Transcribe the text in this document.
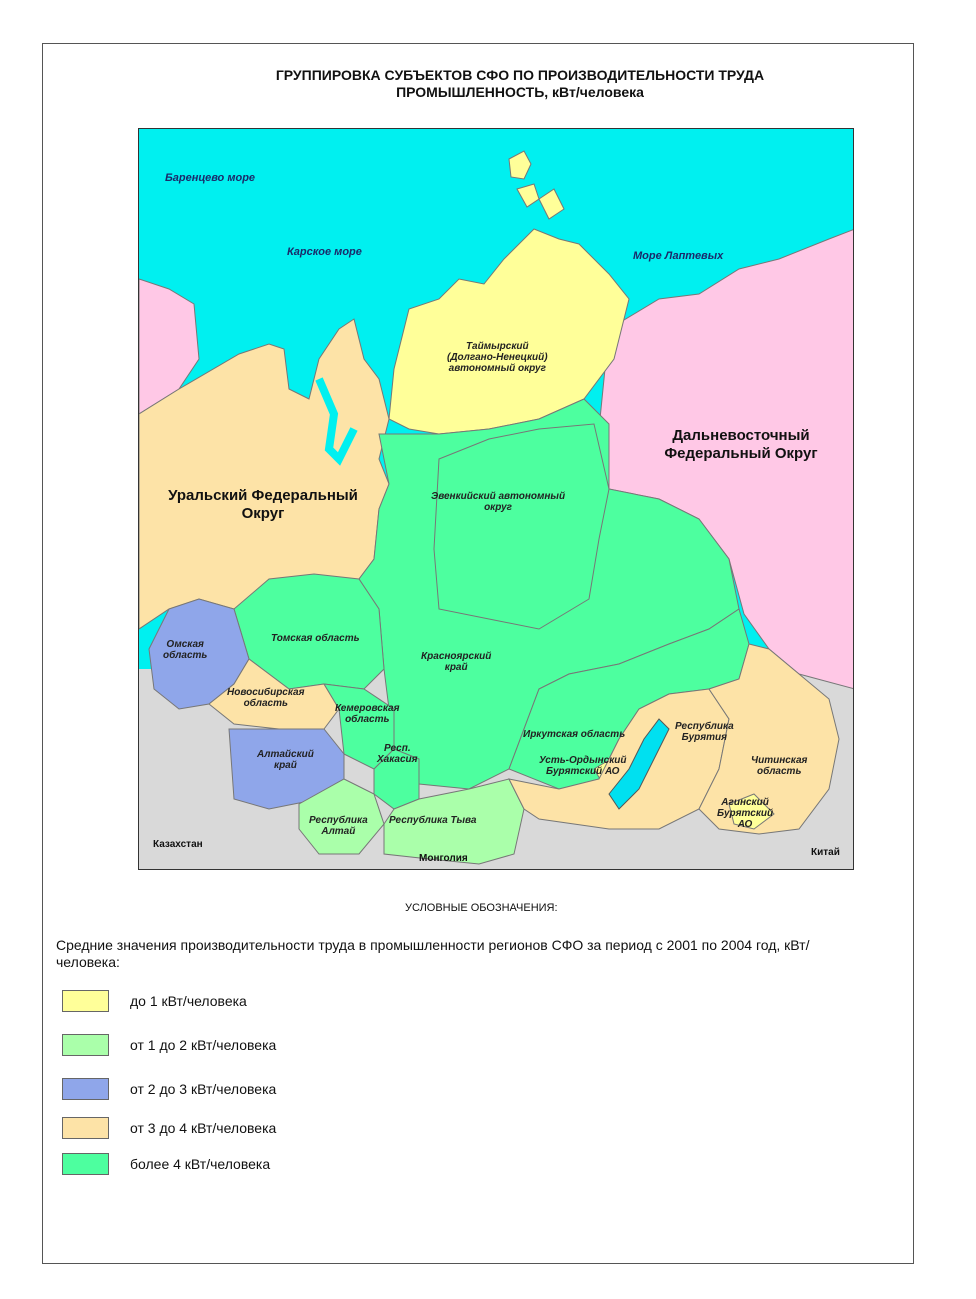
ГРУППИРОВКА СУБЪЕКТОВ СФО ПО ПРОИЗВОДИТЕЛЬНОСТИ ТРУДА
ПРОМЫШЛЕННОСТЬ, кВт/человека
Баренцево море
Карское море	Море Лаптевых
Уральский Федеральный Округ
Дальневосточный Федеральный Округ
Казахстан
Монголия
Китай
Таймырский
(Долгано-Ненецкий)
автономный округ
Эвенкийский автономный
округ
Красноярский
край
Томская область
Омская
область
Новосибирская
область	Кемеровская
область
Алтайский
край
Респ.
Хакасия
Республика
Алтай
Республика Тыва
Иркутская область
Усть-Ордынский
Бурятский АО
Республика
Бурятия
Читинская
область
Агинский
Бурятский
АО
УСЛОВНЫЕ ОБОЗНАЧЕНИЯ:
Средние значения производительности труда в промышленности регионов СФО за период с 2001 по 2004 год, кВт/человека:
до 1 кВт/человека
от 1 до 2 кВт/человека
от 2 до 3 кВт/человека
от 3 до 4 кВт/человека
более 4 кВт/человека
